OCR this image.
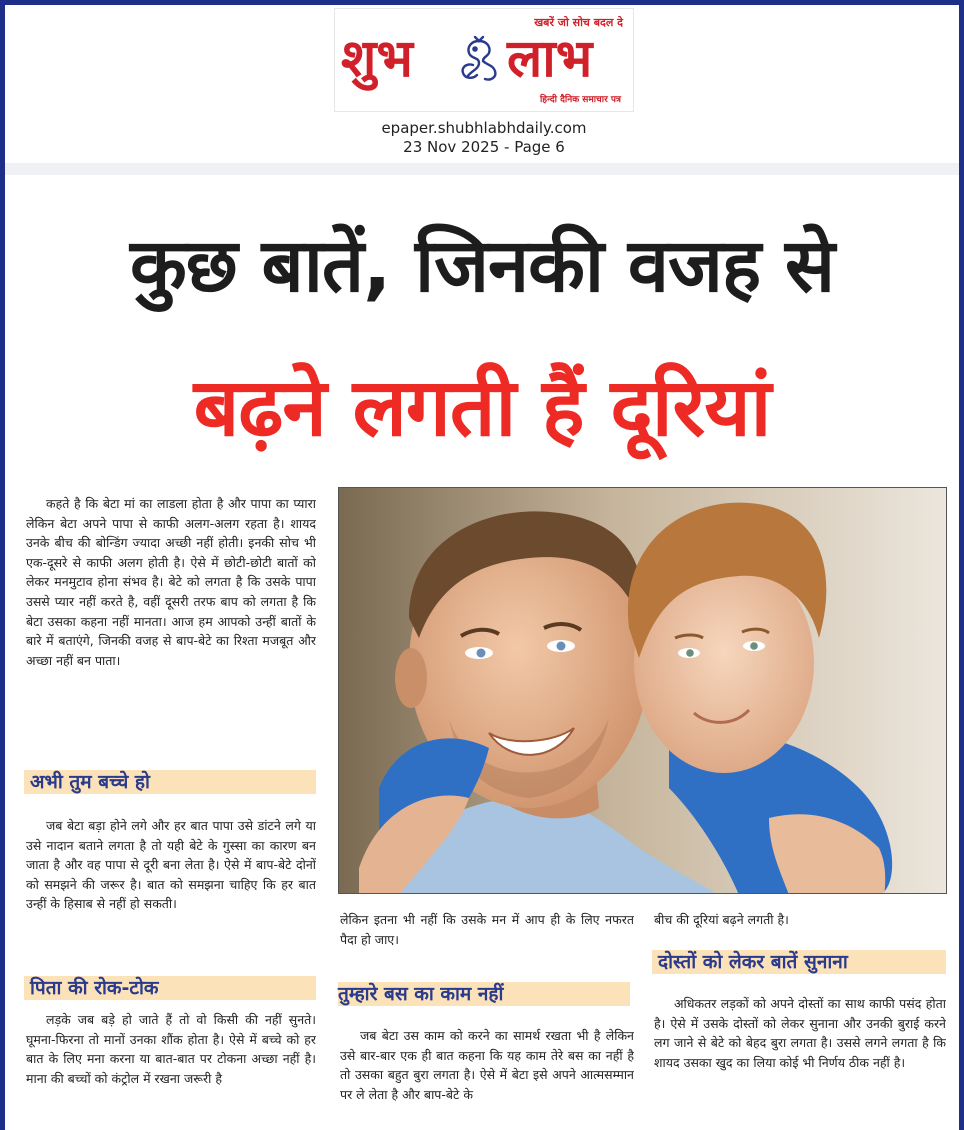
खबरें जो सोच बदल दे
शुभ लाभ
हिन्दी दैनिक समाचार पत्र
epaper.shubhlabhdaily.com
23 Nov 2025 - Page 6
कुछ बातें, जिनकी वजह से
बढ़ने लगती हैं दूरियां

कहते है कि बेटा मां का लाडला होता है और पापा का प्यारा लेकिन बेटा अपने पापा से काफी अलग-अलग रहता है। शायद उनके बीच की बोन्डिंग ज्यादा अच्छी नहीं होती। इनकी सोच भी एक-दूसरे से काफी अलग होती है। ऐसे में छोटी-छोटी बातों को लेकर मनमुटाव होना संभव है। बेटे को लगता है कि उसके पापा उससे प्यार नहीं करते है, वहीं दूसरी तरफ बाप को लगता है कि बेटा उसका कहना नहीं मानता। आज हम आपको उन्हीं बातों के बारे में बताएंगे, जिनकी वजह से बाप-बेटे का रिश्ता मजबूत और अच्छा नहीं बन पाता।

अभी तुम बच्चे हो

जब बेटा बड़ा होने लगे और हर बात पापा उसे डांटने लगे या उसे नादान बताने लगता है तो यही बेटे के गुस्सा का कारण बन जाता है और वह पापा से दूरी बना लेता है। ऐसे में बाप-बेटे दोनों को समझने की जरूर है। बात को समझना चाहिए कि हर बात उन्हीं के हिसाब से नहीं हो सकती।

पिता की रोक-टोक

लड़के जब बड़े हो जाते हैं तो वो किसी की नहीं सुनते। घूमना-फिरना तो मानों उनका शौंक होता है। ऐसे में बच्चे को हर बात के लिए मना करना या बात-बात पर टोकना अच्छा नहीं है। माना की बच्चों को कंट्रोल में रखना जरूरी है

लेकिन इतना भी नहीं कि उसके मन में आप ही के लिए नफरत पैदा हो जाए।
तुम्हारे बस का काम नहीं

जब बेटा उस काम को करने का सामर्थ रखता भी है लेकिन उसे बार-बार एक ही बात कहना कि यह काम तेरे बस का नहीं है तो उसका बहुत बुरा लगता है। ऐसे में बेटा इसे अपने आत्मसम्मान पर ले लेता है और बाप-बेटे के

बीच की दूरियां बढ़ने लगती है।
दोस्तों को लेकर बातें सुनाना

अधिकतर लड़कों को अपने दोस्तों का साथ काफी पसंद होता है। ऐसे में उसके दोस्तों को लेकर सुनाना और उनकी बुराई करने लग जाने से बेटे को बेहद बुरा लगता है। उससे लगने लगता है कि शायद उसका खुद का लिया कोई भी निर्णय ठीक नहीं है।
